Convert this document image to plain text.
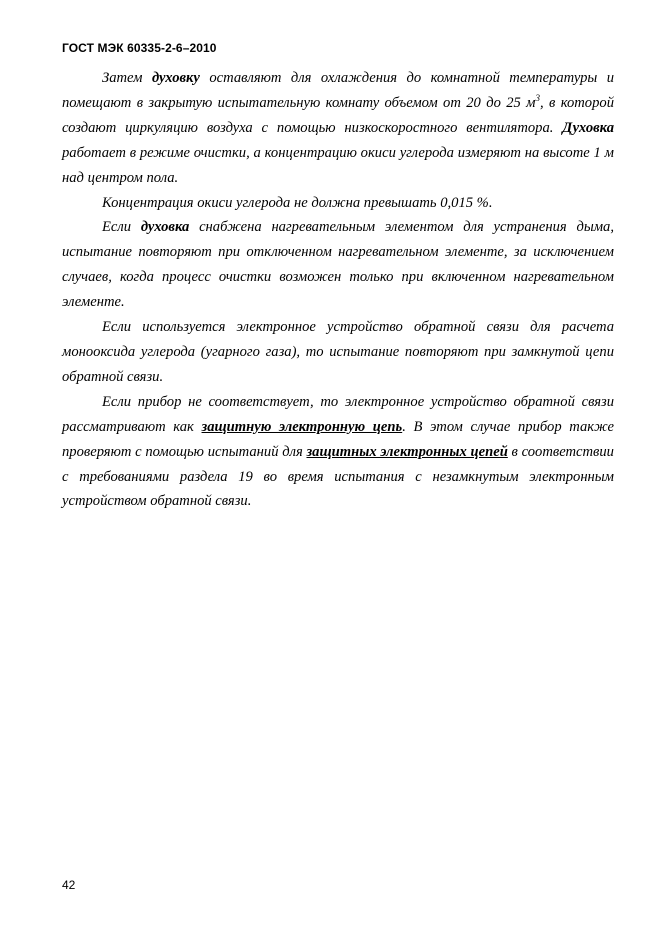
ГОСТ МЭК 60335-2-6–2010

Затем духовку оставляют для охлаждения до комнатной температуры и помещают в закрытую испытательную комнату объемом от 20 до 25 $м^3$, в которой создают циркуляцию воздуха с помощью низкоскоростного вентилятора. Духовка работает в режиме очистки, а концентрацию окиси углерода измеряют на высоте 1 м над центром пола.

Концентрация окиси углерода не должна превышать 0,015 %.

Если духовка снабжена нагревательным элементом для устранения дыма, испытание повторяют при отключенном нагревательном элементе, за исключением случаев, когда процесс очистки возможен только при включенном нагревательном элементе.

Если используется электронное устройство обратной связи для расчета монооксида углерода (угарного газа), то испытание повторяют при замкнутой цепи обратной связи.

Если прибор не соответствует, то электронное устройство обратной связи рассматривают как защитную электронную цепь. В этом случае прибор также проверяют с помощью испытаний для защитных электронных цепей в соответствии с требованиями раздела 19 во время испытания с незамкнутым электронным устройством обратной связи.

42
